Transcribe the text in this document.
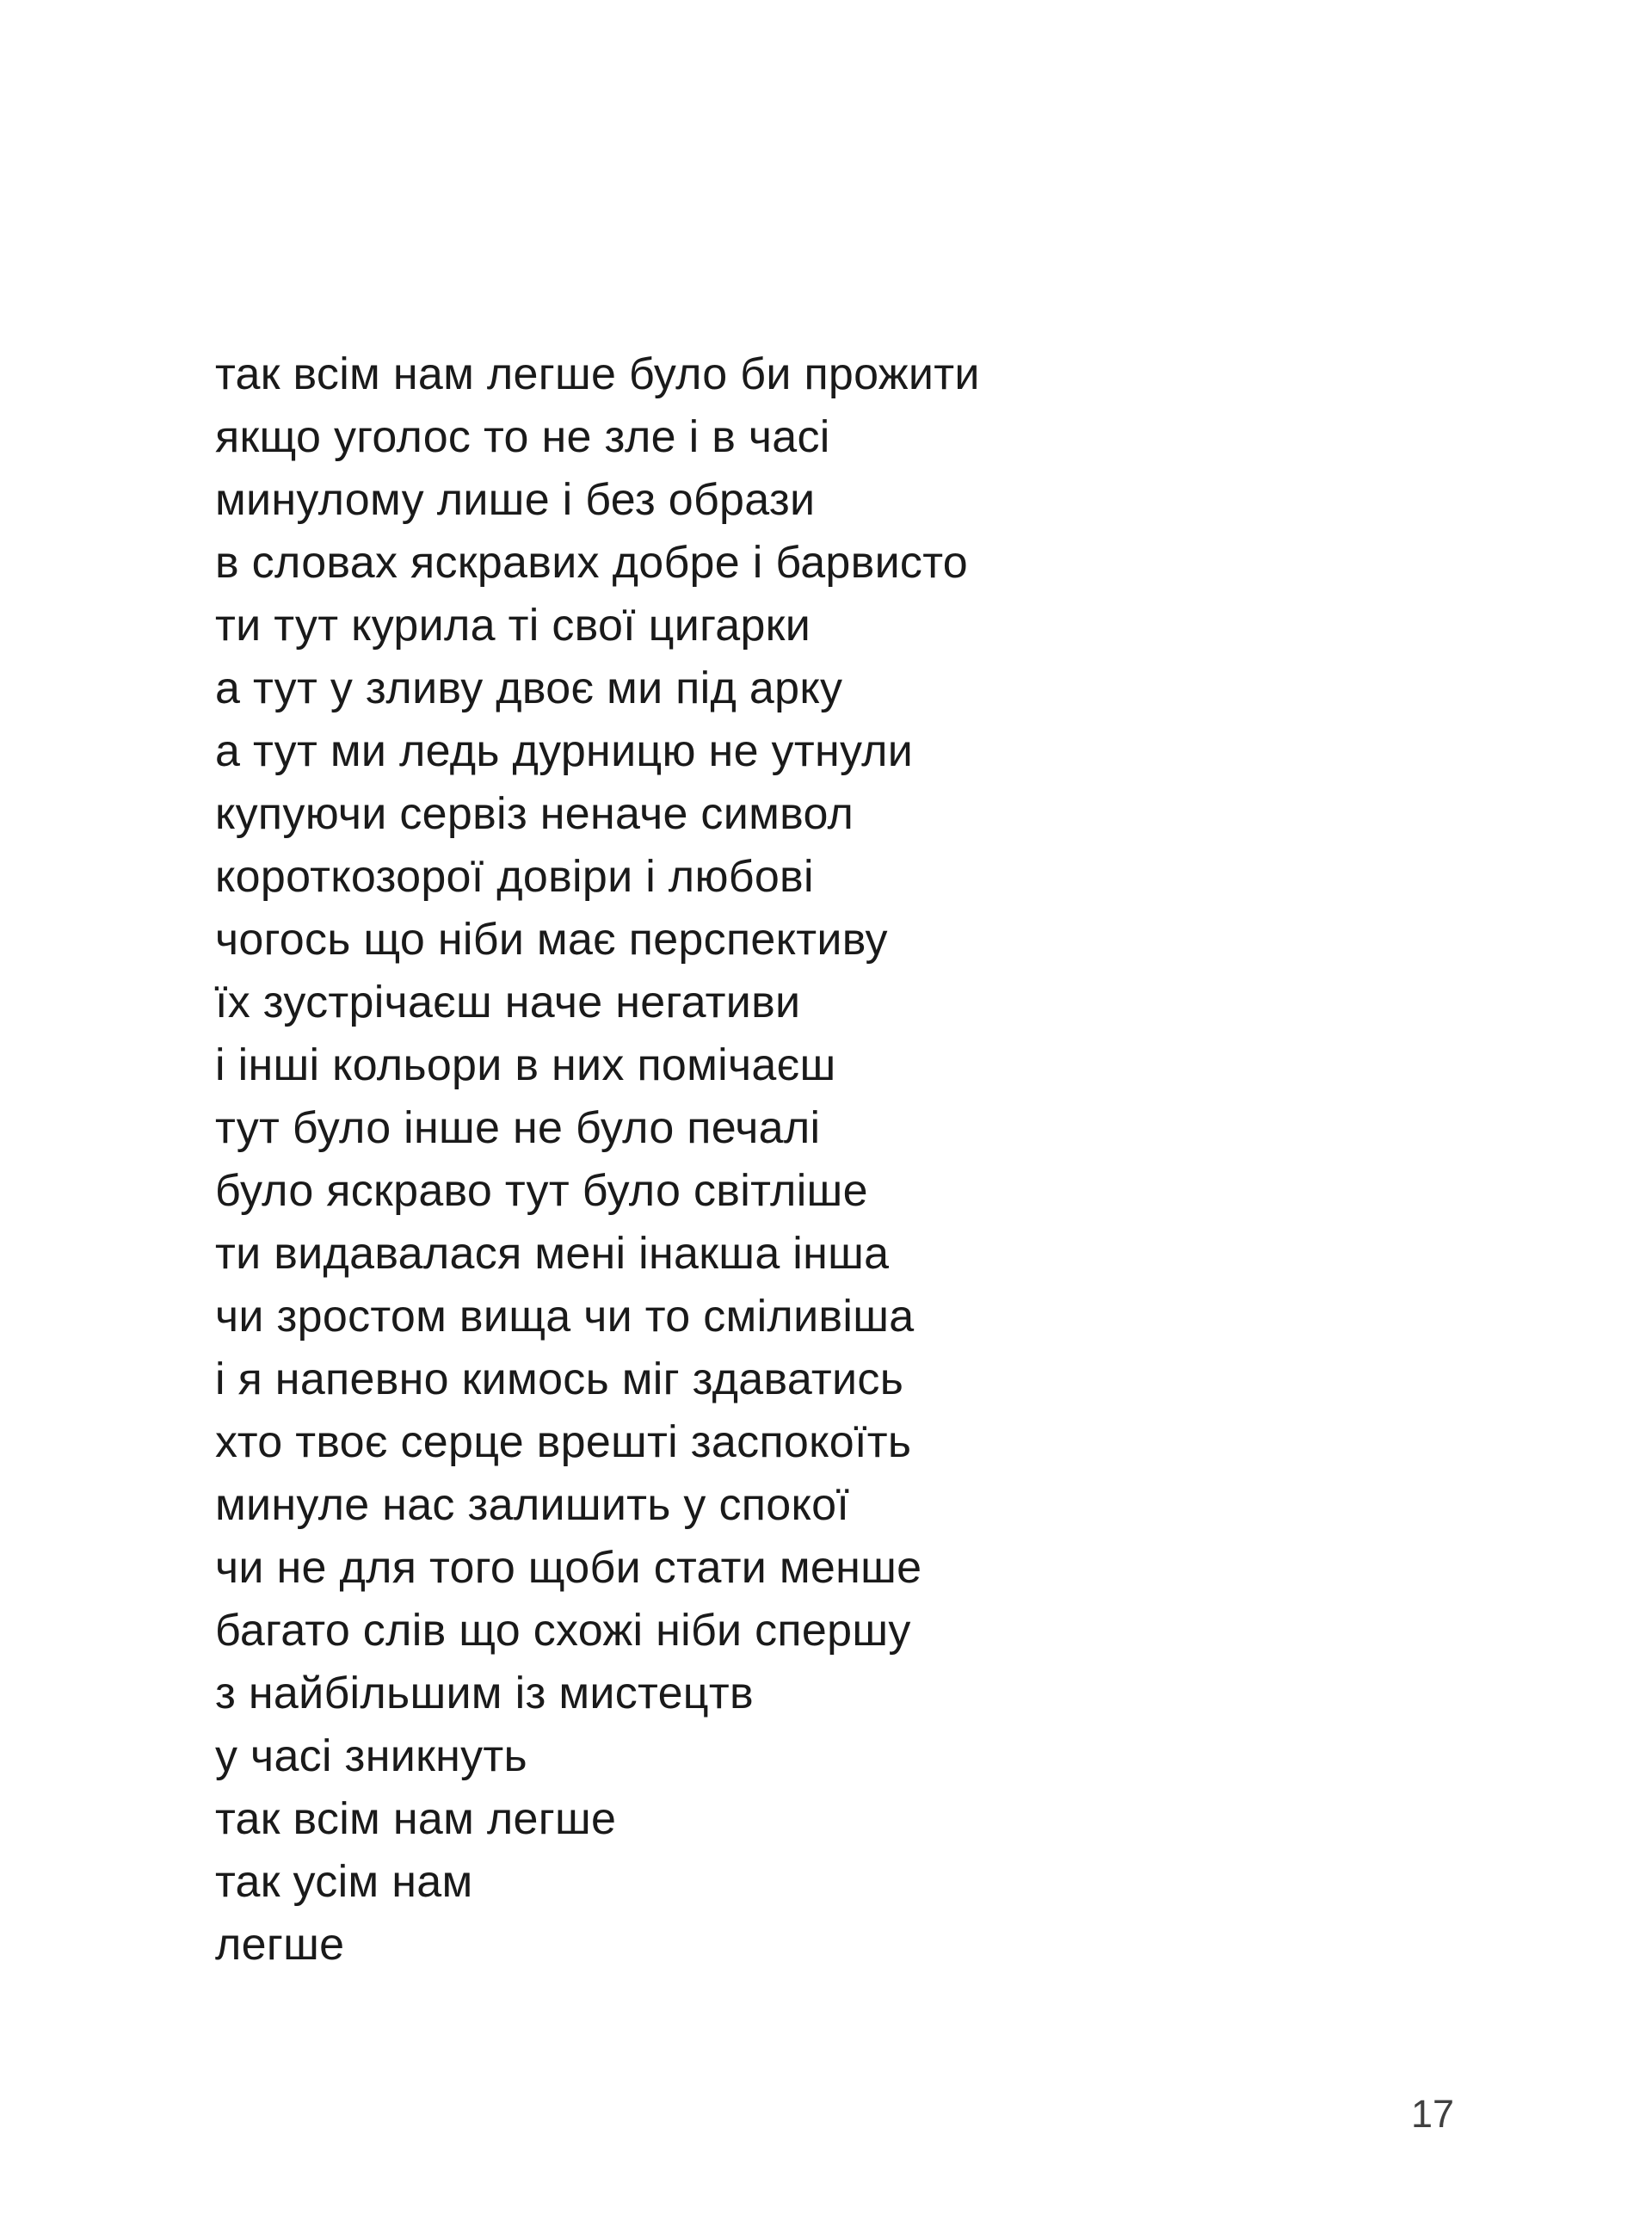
так всім нам легше було би прожити
якщо уголос то не зле і в часі
минулому лише і без образи
в словах яскравих добре і барвисто
ти тут курила ті свої цигарки
а тут у зливу двоє ми під арку
а тут ми ледь дурницю не утнули
купуючи сервіз неначе символ
короткозорої довіри і любові
чогось що ніби має перспективу
їх зустрічаєш наче негативи
і інші кольори в них помічаєш
тут було інше не було печалі
було яскраво тут було світліше
ти видавалася мені інакша інша
чи зростом вища чи то сміливіша
і я напевно кимось міг здаватись
хто твоє серце врешті заспокоїть
минуле нас залишить у спокої
чи не для того щоби стати менше
багато слів що схожі ніби спершу
з найбільшим із мистецтв
у часі зникнуть
так всім нам легше
так усім нам
легше
17
